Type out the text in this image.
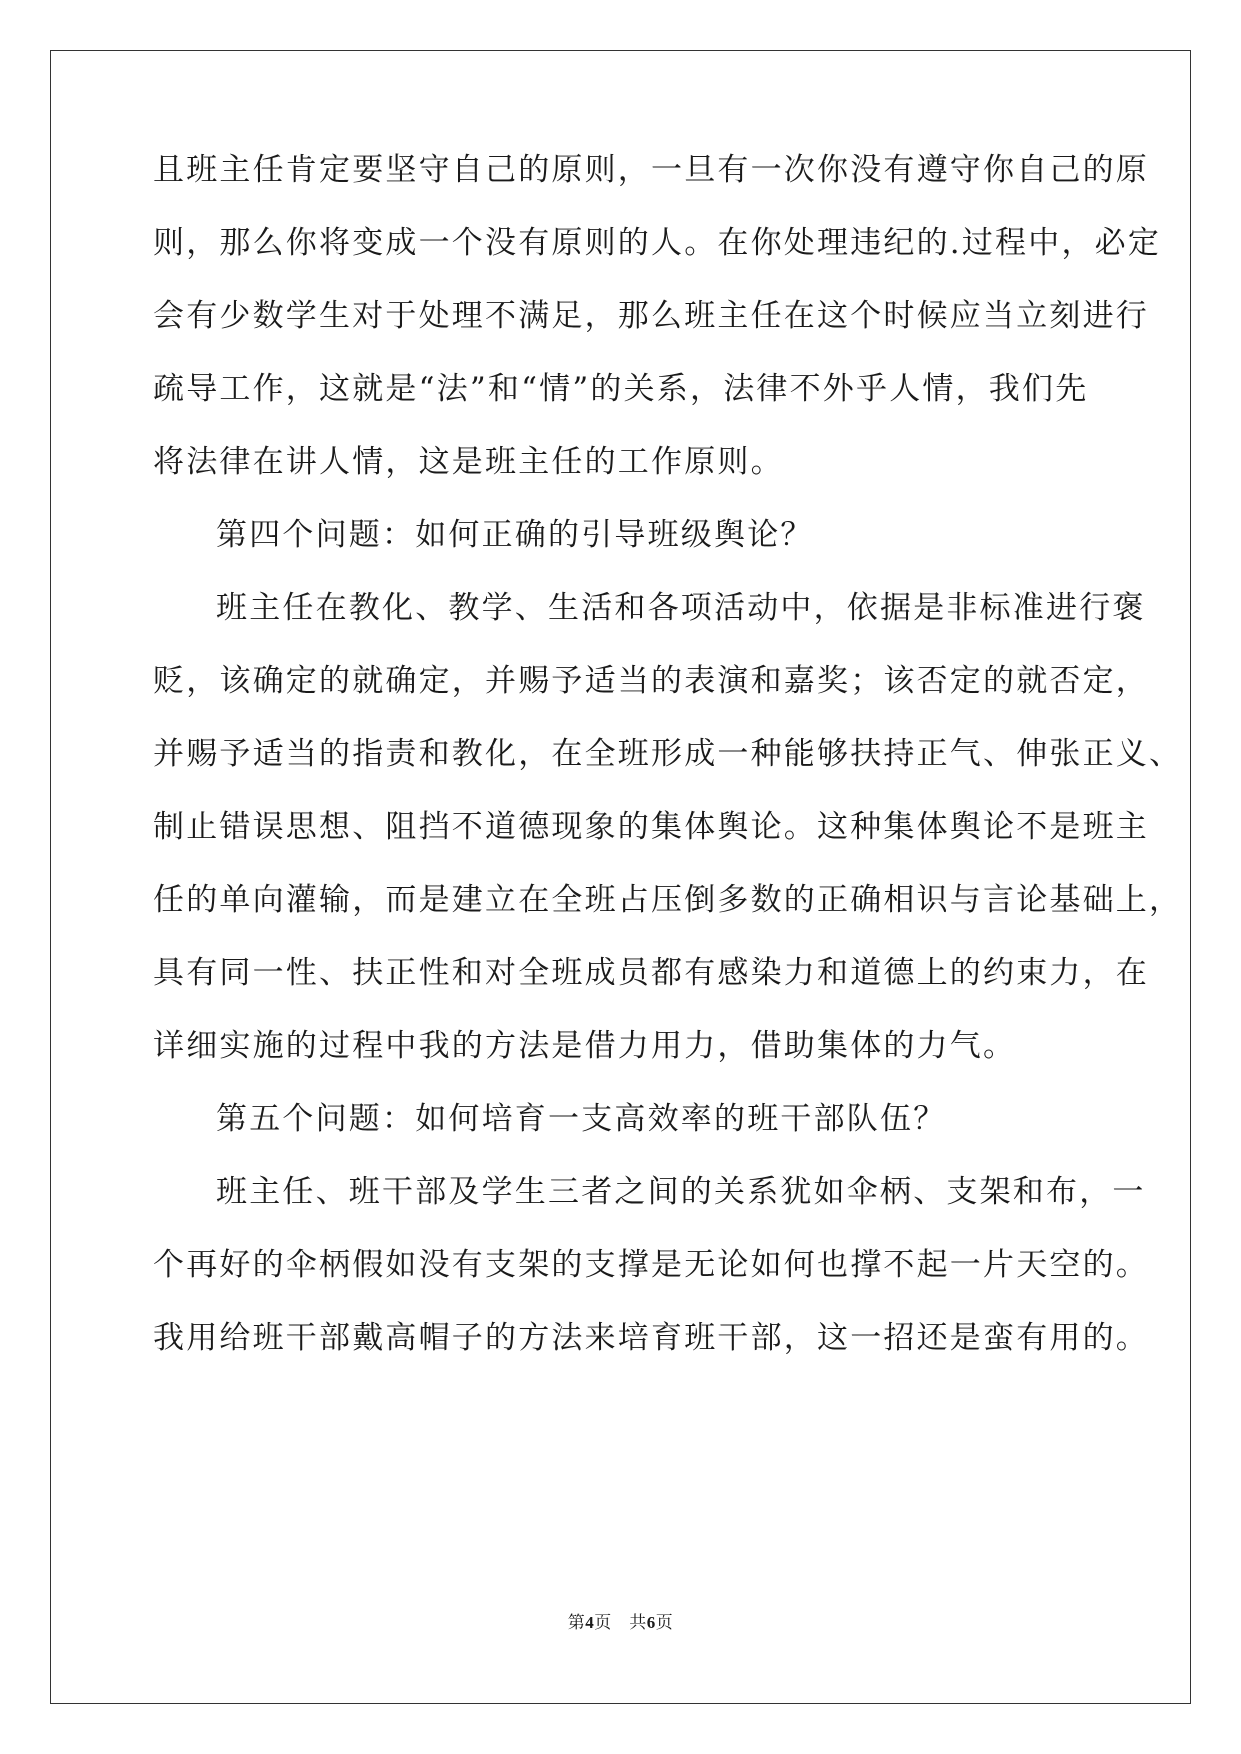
且班主任肯定要坚守自己的原则，一旦有一次你没有遵守你自己的原
则，那么你将变成一个没有原则的人。在你处理违纪的.过程中，必定
会有少数学生对于处理不满足，那么班主任在这个时候应当立刻进行
疏导工作，这就是“法”和“情”的关系，法律不外乎人情，我们先
将法律在讲人情，这是班主任的工作原则。
第四个问题：如何正确的引导班级舆论？
班主任在教化、教学、生活和各项活动中，依据是非标准进行褒
贬，该确定的就确定，并赐予适当的表演和嘉奖；该否定的就否定，
并赐予适当的指责和教化，在全班形成一种能够扶持正气、伸张正义、
制止错误思想、阻挡不道德现象的集体舆论。这种集体舆论不是班主
任的单向灌输，而是建立在全班占压倒多数的正确相识与言论基础上，
具有同一性、扶正性和对全班成员都有感染力和道德上的约束力，在
详细实施的过程中我的方法是借力用力，借助集体的力气。
第五个问题：如何培育一支高效率的班干部队伍？
班主任、班干部及学生三者之间的关系犹如伞柄、支架和布，一
个再好的伞柄假如没有支架的支撑是无论如何也撑不起一片天空的。
我用给班干部戴高帽子的方法来培育班干部，这一招还是蛮有用的。
第4页　共6页
